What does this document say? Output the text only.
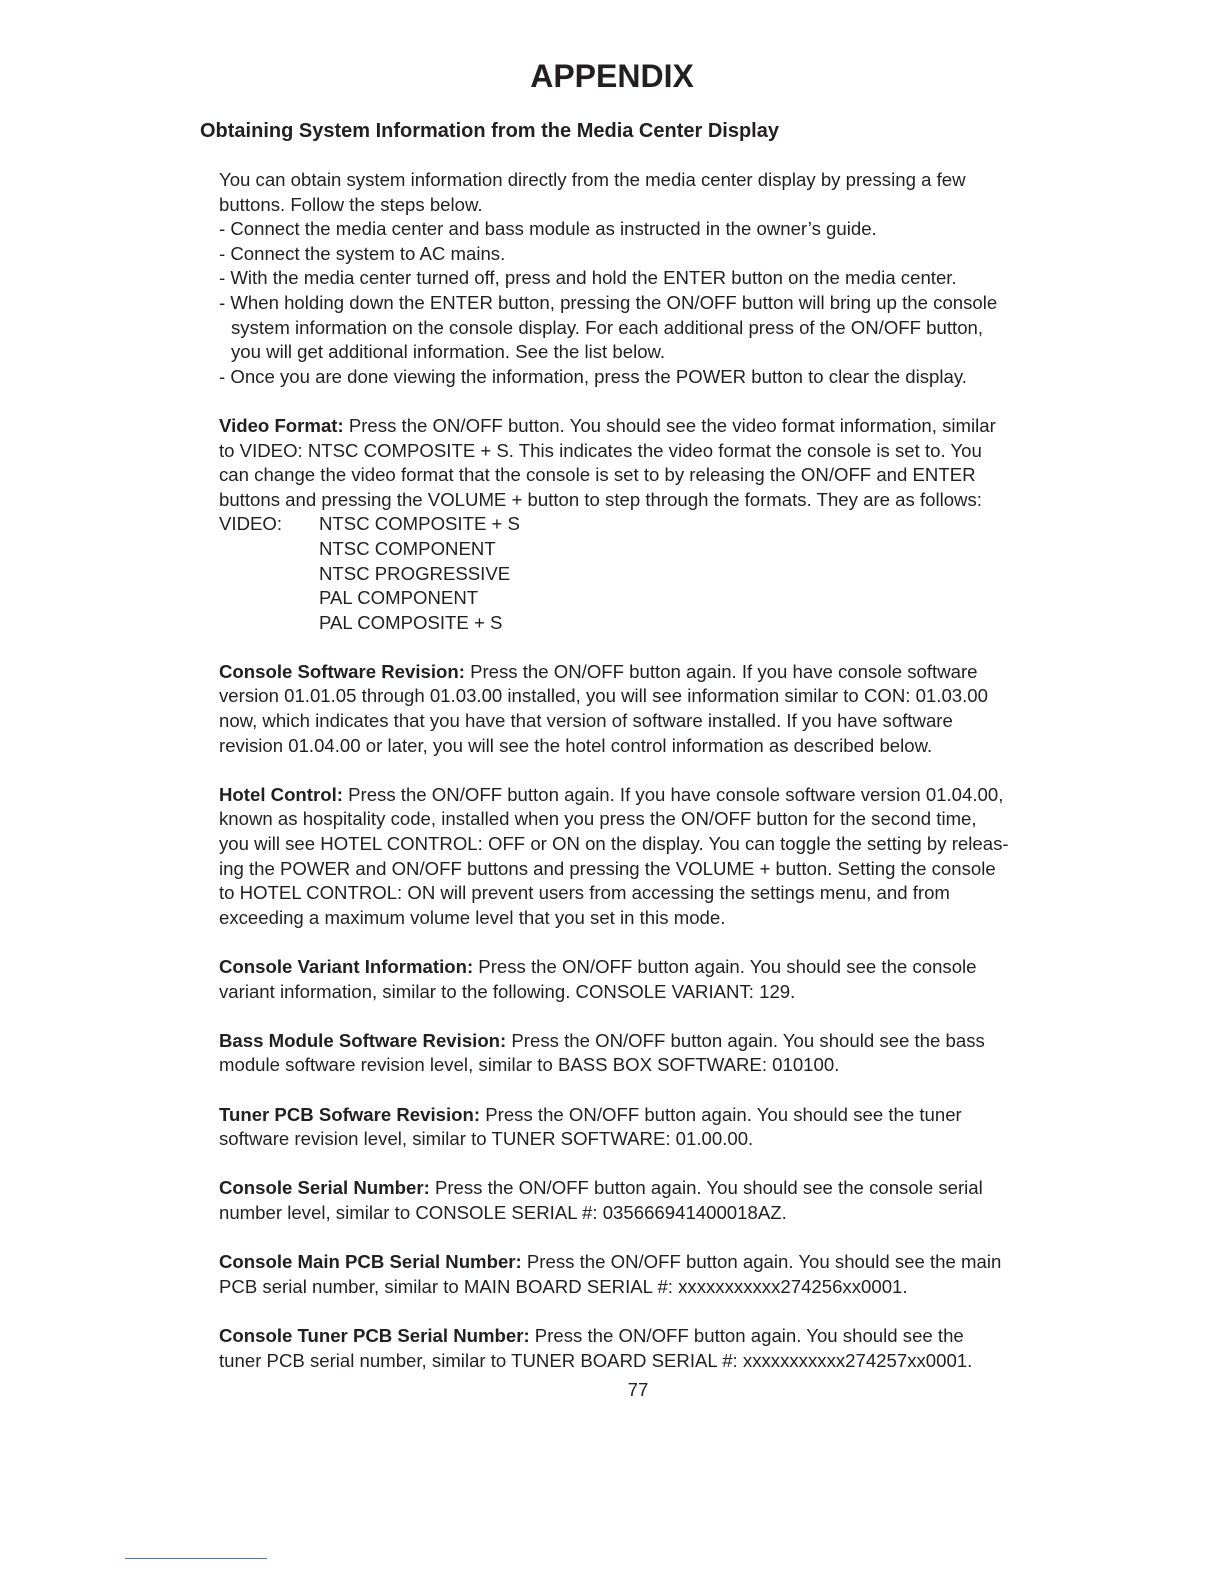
APPENDIX
Obtaining System Information from the Media Center Display
You can obtain system information directly from the media center display by pressing a few
buttons. Follow the steps below.
- Connect the media center and bass module as instructed in the owner’s guide.
- Connect the system to AC mains.
- With the media center turned off, press and hold the ENTER button on the media center.
- When holding down the ENTER button, pressing the ON/OFF button will bring up the console
system information on the console display. For each additional press of the ON/OFF button,
you will get additional information. See the list below.
- Once you are done viewing the information, press the POWER button to clear the display.
Video Format: Press the ON/OFF button. You should see the video format information, similar
to VIDEO: NTSC COMPOSITE + S. This indicates the video format the console is set to. You
can change the video format that the console is set to by releasing the ON/OFF and ENTER
buttons and pressing the VOLUME + button to step through the formats. They are as follows:
VIDEO:	NTSC COMPOSITE + S
NTSC COMPONENT
NTSC PROGRESSIVE
PAL COMPONENT
PAL COMPOSITE + S
Console Software Revision: Press the ON/OFF button again. If you have console software
version 01.01.05 through 01.03.00 installed, you will see information similar to CON: 01.03.00
now, which indicates that you have that version of software installed. If you have software
revision 01.04.00 or later, you will see the hotel control information as described below.
Hotel Control: Press the ON/OFF button again. If you have console software version 01.04.00,
known as hospitality code, installed when you press the ON/OFF button for the second time,
you will see HOTEL CONTROL: OFF or ON on the display. You can toggle the setting by releas-
ing the POWER and ON/OFF buttons and pressing the VOLUME + button. Setting the console
to HOTEL CONTROL: ON will prevent users from accessing the settings menu, and from
exceeding a maximum volume level that you set in this mode.
Console Variant Information: Press the ON/OFF button again. You should see the console
variant information, similar to the following. CONSOLE VARIANT: 129.
Bass Module Software Revision: Press the ON/OFF button again. You should see the bass
module software revision level, similar to BASS BOX SOFTWARE: 010100.
Tuner PCB Sofware Revision: Press the ON/OFF button again. You should see the tuner
software revision level, similar to TUNER SOFTWARE: 01.00.00.
Console Serial Number: Press the ON/OFF button again. You should see the console serial
number level, similar to CONSOLE SERIAL #: 035666941400018AZ.
Console Main PCB Serial Number: Press the ON/OFF button again. You should see the main
PCB serial number, similar to MAIN BOARD SERIAL #: xxxxxxxxxxx274256xx0001.
Console Tuner PCB Serial Number: Press the ON/OFF button again. You should see the
tuner PCB serial number, similar to TUNER BOARD SERIAL #: xxxxxxxxxxx274257xx0001.
77
